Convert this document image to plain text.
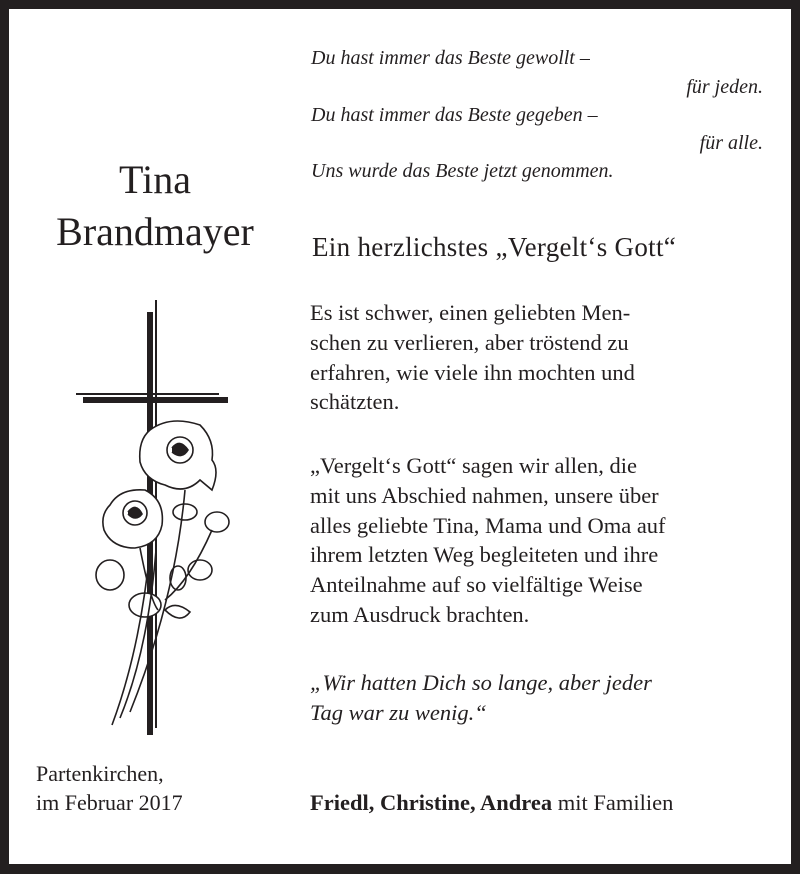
Du hast immer das Beste gewollt –
für jeden.
Du hast immer das Beste gegeben –
für alle.
Uns wurde das Beste jetzt genommen.
Tina
Brandmayer	Ein herzlichstes „Vergelt‘s Gott“
Es ist schwer, einen geliebten Men-
schen zu verlieren, aber tröstend zu
erfahren, wie viele ihn mochten und
schätzten.
„Vergelt‘s Gott“ sagen wir allen, die
mit uns Abschied nahmen, unsere über
alles geliebte Tina, Mama und Oma auf
ihrem letzten Weg begleiteten und ihre
Anteilnahme auf so vielfältige Weise
zum Ausdruck brachten.
„Wir hatten Dich so lange, aber jeder
Tag war zu wenig.“
Partenkirchen,
im Februar 2017	Friedl, Christine, Andrea mit Familien
